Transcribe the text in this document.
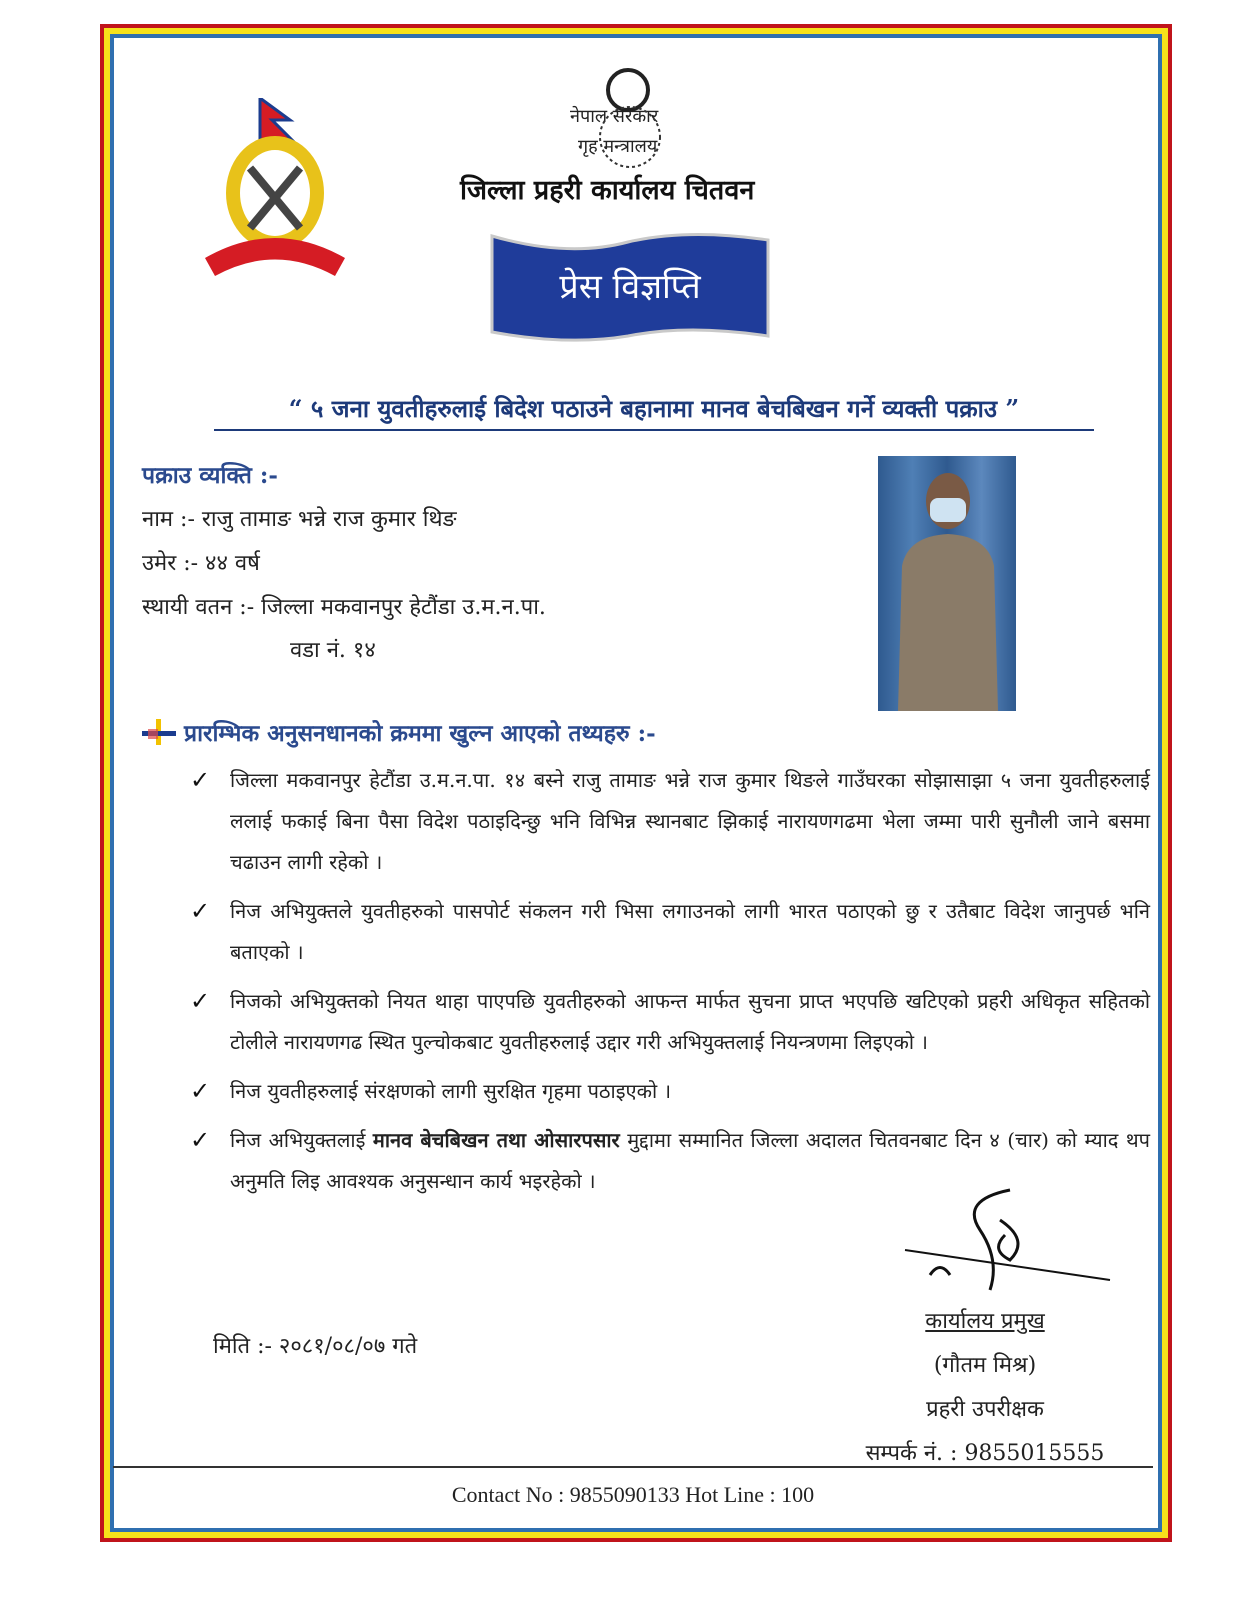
नेपाल सरकार
गृह मन्त्रालय
जिल्ला प्रहरी कार्यालय चितवन
प्रेस विज्ञप्ति
“ ५ जना युवतीहरुलाई बिदेश पठाउने बहानामा मानव बेचबिखन गर्ने व्यक्ती पक्राउ ”
पक्राउ व्यक्ति :-
नाम :- राजु तामाङ भन्ने राज कुमार थिङ
उमेर :- ४४ वर्ष
स्थायी वतन :- जिल्ला मकवानपुर हेटौंडा उ.म.न.पा.
वडा नं. १४
प्रारम्भिक अनुसनधानको क्रममा खुल्न आएको तथ्यहरु :-
✓ जिल्ला मकवानपुर हेटौंडा उ.म.न.पा. १४ बस्ने राजु तामाङ भन्ने राज कुमार थिङले गाउँघरका सोझासाझा ५ जना युवतीहरुलाई ललाई फकाई बिना पैसा विदेश पठाइदिन्छु भनि विभिन्न स्थानबाट झिकाई नारायणगढमा भेला जम्मा पारी सुनौली जाने बसमा चढाउन लागी रहेको ।
✓ निज अभियुक्तले युवतीहरुको पासपोर्ट संकलन गरी भिसा लगाउनको लागी भारत पठाएको छु र उतैबाट विदेश जानुपर्छ भनि बताएको ।
✓ निजको अभियुक्तको नियत थाहा पाएपछि युवतीहरुको आफन्त मार्फत सुचना प्राप्त भएपछि खटिएको प्रहरी अधिकृत सहितको टोलीले नारायणगढ स्थित पुल्चोकबाट युवतीहरुलाई उद्दार गरी अभियुक्तलाई नियन्त्रणमा लिइएको ।
✓ निज युवतीहरुलाई संरक्षणको लागी सुरक्षित गृहमा पठाइएको ।
✓ निज अभियुक्तलाई मानव बेचबिखन तथा ओसारपसार मुद्दामा सम्मानित जिल्ला अदालत चितवनबाट दिन ४ (चार) को म्याद थप अनुमति लिइ आवश्यक अनुसन्धान कार्य भइरहेको ।
मिति :- २०८१/०८/०७ गते
कार्यालय प्रमुख
(गौतम मिश्र)
प्रहरी उपरीक्षक
सम्पर्क नं. : 9855015555
Contact No : 9855090133 Hot Line : 100
